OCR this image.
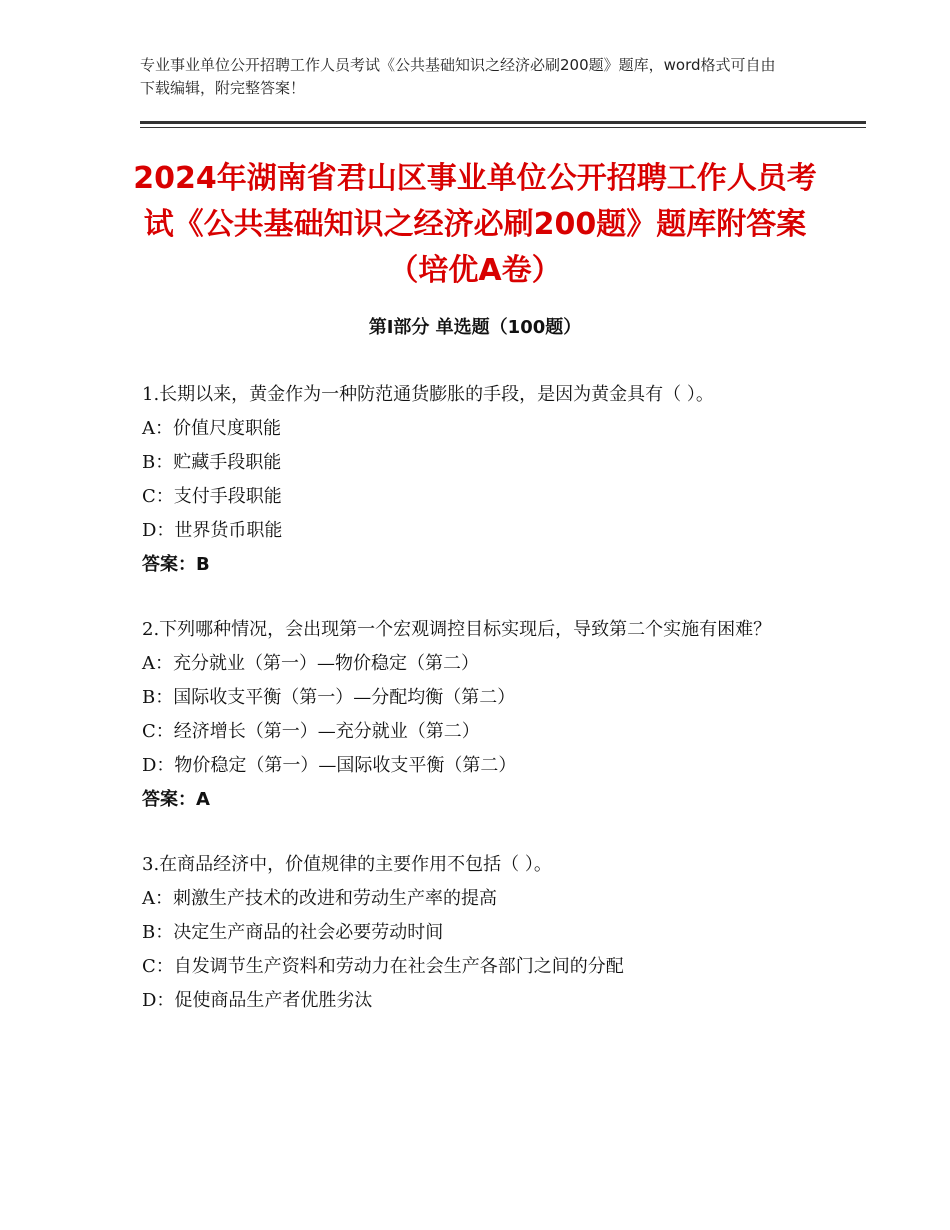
专业事业单位公开招聘工作人员考试《公共基础知识之经济必刷200题》题库，word格式可自由下载编辑，附完整答案！
2024年湖南省君山区事业单位公开招聘工作人员考试《公共基础知识之经济必刷200题》题库附答案（培优A卷）
第I部分 单选题（100题）

1.长期以来，黄金作为一种防范通货膨胀的手段，是因为黄金具有（ ）。

A：价值尺度职能

B：贮藏手段职能

C：支付手段职能

D：世界货币职能

答案：B

2.下列哪种情况，会出现第一个宏观调控目标实现后，导致第二个实施有困难？

A：充分就业（第一）—物价稳定（第二）

B：国际收支平衡（第一）—分配均衡（第二）

C：经济增长（第一）—充分就业（第二）

D：物价稳定（第一）—国际收支平衡（第二）

答案：A

3.在商品经济中，价值规律的主要作用不包括（ ）。

A：刺激生产技术的改进和劳动生产率的提高

B：决定生产商品的社会必要劳动时间

C：自发调节生产资料和劳动力在社会生产各部门之间的分配

D：促使商品生产者优胜劣汰
